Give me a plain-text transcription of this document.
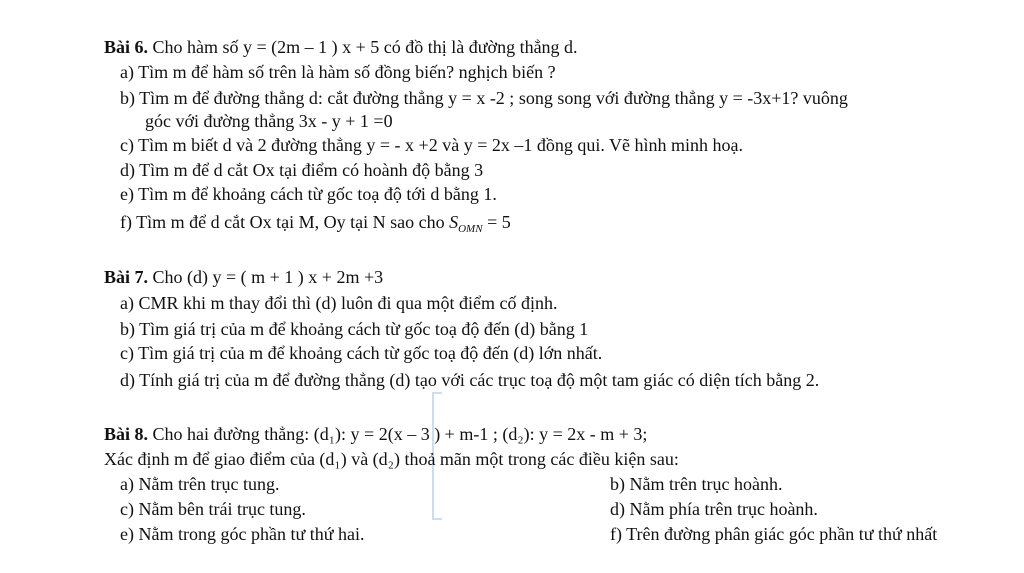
Bài 6. Cho hàm số y = (2m – 1 ) x + 5 có đồ thị là đường thẳng d.
a) Tìm m để hàm số trên là hàm số đồng biến? nghịch biến ?
b) Tìm m để đường thẳng d: cắt đường thẳng y = x -2 ; song song với đường thẳng y = -3x+1? vuông
góc với đường thẳng 3x - y + 1 =0
c) Tìm m biết d và 2 đường thẳng y = - x +2 và y = 2x –1 đồng qui. Vẽ hình minh hoạ.
d) Tìm m để d cắt Ox tại điểm có hoành độ bằng 3
e) Tìm m để khoảng cách từ gốc toạ độ tới d bằng 1.
f) Tìm m để d cắt Ox tại M, Oy tại N sao cho $S_{OMN} = 5$
Bài 7. Cho (d) y = ( m + 1 ) x + 2m +3
a) CMR khi m thay đổi thì (d) luôn đi qua một điểm cố định.
b) Tìm giá trị của m để khoảng cách từ gốc toạ độ đến (d) bằng 1
c) Tìm giá trị của m để khoảng cách từ gốc toạ độ đến (d) lớn nhất.
d) Tính giá trị của m để đường thẳng (d) tạo với các trục toạ độ một tam giác có diện tích bằng 2.
Bài 8. Cho hai đường thẳng: (d₁): y = 2(x – 3 ) + m-1 ; (d₂): y = 2x - m + 3;
Xác định m để giao điểm của (d₁) và (d₂) thoả mãn một trong các điều kiện sau:
a) Nằm trên trục tung.	b) Nằm trên trục hoành.
c) Nằm bên trái trục tung.	d) Nằm phía trên trục hoành.
e) Nằm trong góc phần tư thứ hai.	f) Trên đường phân giác góc phần tư thứ nhất
